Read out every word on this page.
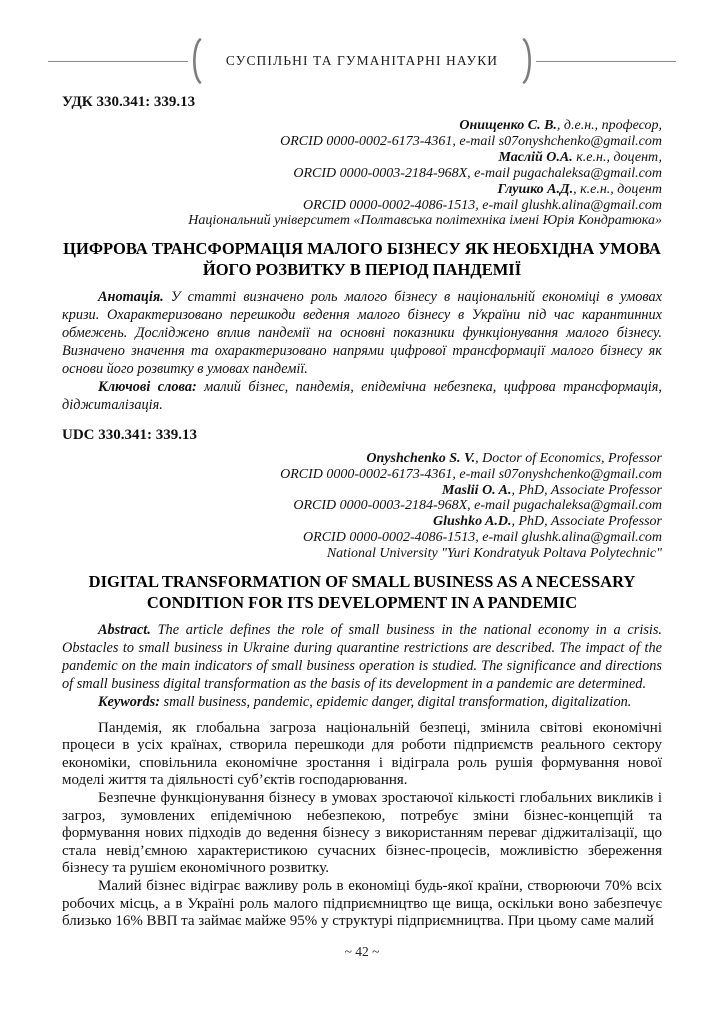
СУСПІЛЬНІ ТА ГУМАНІТАРНІ НАУКИ

УДК 330.341: 339.13

Онищенко С. В., д.е.н., професор,
ORCID 0000-0002-6173-4361, e-mail s07onyshchenko@gmail.com
Маслій О.А. к.е.н., доцент,
ORCID 0000-0003-2184-968X, e-mail pugachaleksa@gmail.com
Глушко А.Д., к.е.н., доцент
ORCID 0000-0002-4086-1513, e-mail glushk.alina@gmail.com
Національний університет «Полтавська політехніка імені Юрія Кондратюка»
ЦИФРОВА ТРАНСФОРМАЦІЯ МАЛОГО БІЗНЕСУ ЯК НЕОБХІДНА УМОВА ЙОГО РОЗВИТКУ В ПЕРІОД ПАНДЕМІЇ

Анотація. У статті визначено роль малого бізнесу в національній економіці в умовах кризи. Охарактеризовано перешкоди ведення малого бізнесу в України під час карантинних обмежень. Досліджено вплив пандемії на основні показники функціонування малого бізнесу. Визначено значення та охарактеризовано напрями цифрової трансформації малого бізнесу як основи його розвитку в умовах пандемії.

Ключові слова: малий бізнес, пандемія, епідемічна небезпека, цифрова трансформація, діджиталізація.

UDC 330.341: 339.13

Onyshchenko S. V., Doctor of Economics, Professor
ORCID 0000-0002-6173-4361, e-mail s07onyshchenko@gmail.com
Maslii O. A., PhD, Associate Professor
ORCID 0000-0003-2184-968X, e-mail pugachaleksa@gmail.com
Glushko A.D., PhD, Associate Professor
ORCID 0000-0002-4086-1513, e-mail glushk.alina@gmail.com
National University "Yuri Kondratyuk Poltava Polytechnic"
DIGITAL TRANSFORMATION OF SMALL BUSINESS AS A NECESSARY CONDITION FOR ITS DEVELOPMENT IN A PANDEMIC

Abstract. The article defines the role of small business in the national economy in a crisis. Obstacles to small business in Ukraine during quarantine restrictions are described. The impact of the pandemic on the main indicators of small business operation is studied. The significance and directions of small business digital transformation as the basis of its development in a pandemic are determined.

Keywords: small business, pandemic, epidemic danger, digital transformation, digitalization.

Пандемія, як глобальна загроза національній безпеці, змінила світові економічні процеси в усіх країнах, створила перешкоди для роботи підприємств реального сектору економіки, сповільнила економічне зростання і відіграла роль рушія формування нової моделі життя та діяльності суб’єктів господарювання.

Безпечне функціонування бізнесу в умовах зростаючої кількості глобальних викликів і загроз, зумовлених епідемічною небезпекою, потребує зміни бізнес-концепцій та формування нових підходів до ведення бізнесу з використанням переваг діджиталізації, що стала невід’ємною характеристикою сучасних бізнес-процесів, можливістю збереження бізнесу та рушієм економічного розвитку.

Малий бізнес відіграє важливу роль в економіці будь-якої країни, створюючи 70% всіх робочих місць, а в Україні роль малого підприємництво ще вища, оскільки воно забезпечує близько 16% ВВП та займає майже 95% у структурі підприємництва. При цьому саме малий

~ 42 ~
